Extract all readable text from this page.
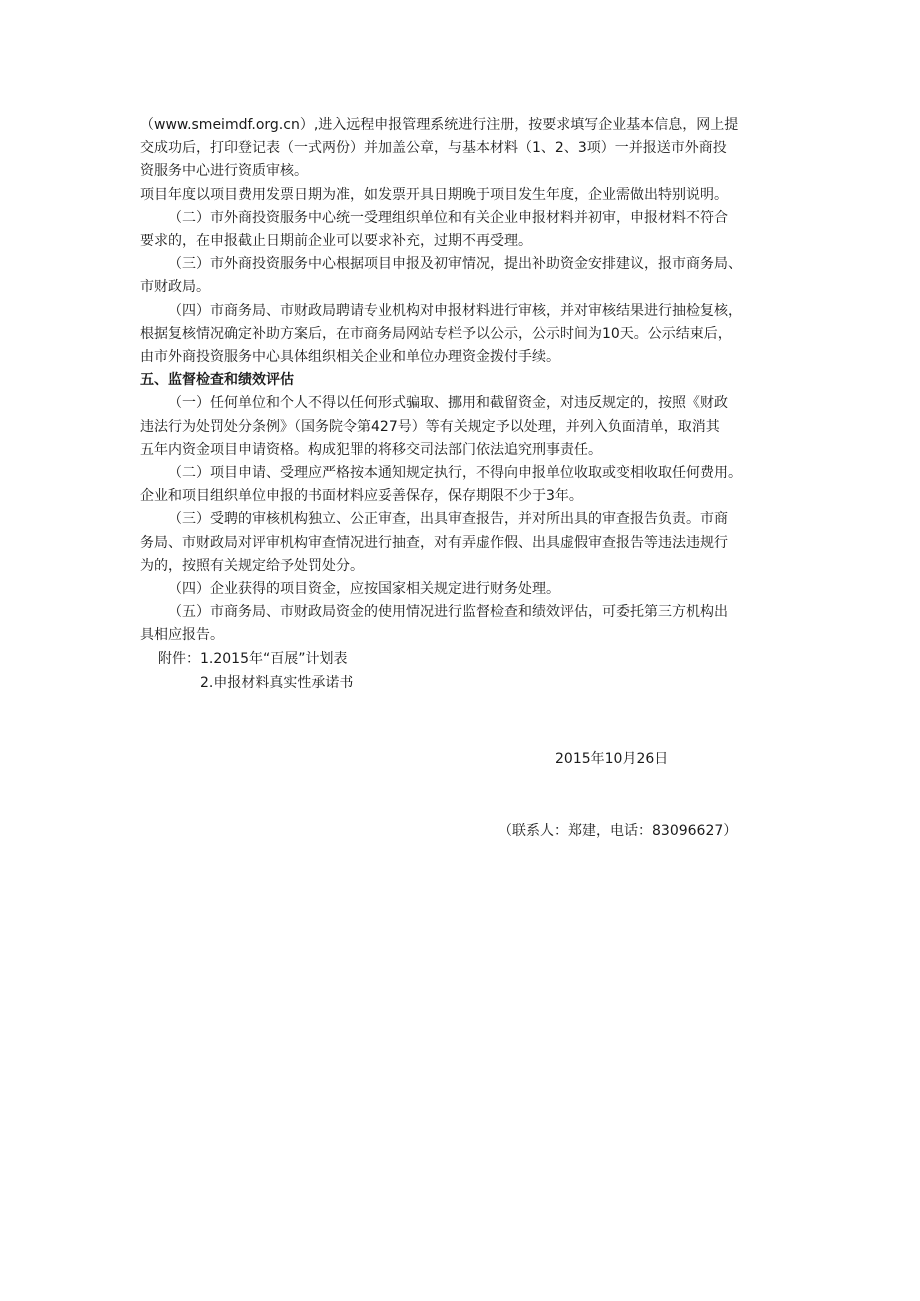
（www.smeimdf.org.cn）,进入远程申报管理系统进行注册，按要求填写企业基本信息，网上提

交成功后，打印登记表（一式两份）并加盖公章，与基本材料（1、2、3项）一并报送市外商投

资服务中心进行资质审核。

项目年度以项目费用发票日期为准，如发票开具日期晚于项目发生年度，企业需做出特别说明。

（二）市外商投资服务中心统一受理组织单位和有关企业申报材料并初审，申报材料不符合

要求的，在申报截止日期前企业可以要求补充，过期不再受理。

（三）市外商投资服务中心根据项目申报及初审情况，提出补助资金安排建议，报市商务局、

市财政局。

（四）市商务局、市财政局聘请专业机构对申报材料进行审核，并对审核结果进行抽检复核，

根据复核情况确定补助方案后，在市商务局网站专栏予以公示，公示时间为10天。公示结束后，

由市外商投资服务中心具体组织相关企业和单位办理资金拨付手续。

五、监督检查和绩效评估

（一）任何单位和个人不得以任何形式骗取、挪用和截留资金，对违反规定的，按照《财政

违法行为处罚处分条例》（国务院令第427号）等有关规定予以处理，并列入负面清单，取消其

五年内资金项目申请资格。构成犯罪的将移交司法部门依法追究刑事责任。

（二）项目申请、受理应严格按本通知规定执行，不得向申报单位收取或变相收取任何费用。

企业和项目组织单位申报的书面材料应妥善保存，保存期限不少于3年。

（三）受聘的审核机构独立、公正审查，出具审查报告，并对所出具的审查报告负责。市商

务局、市财政局对评审机构审查情况进行抽查，对有弄虚作假、出具虚假审查报告等违法违规行

为的，按照有关规定给予处罚处分。

（四）企业获得的项目资金，应按国家相关规定进行财务处理。

（五）市商务局、市财政局资金的使用情况进行监督检查和绩效评估，可委托第三方机构出

具相应报告。

附件：1.2015年“百展”计划表

2.申报材料真实性承诺书

2015年10月26日
（联系人：郑建，电话：83096627）
